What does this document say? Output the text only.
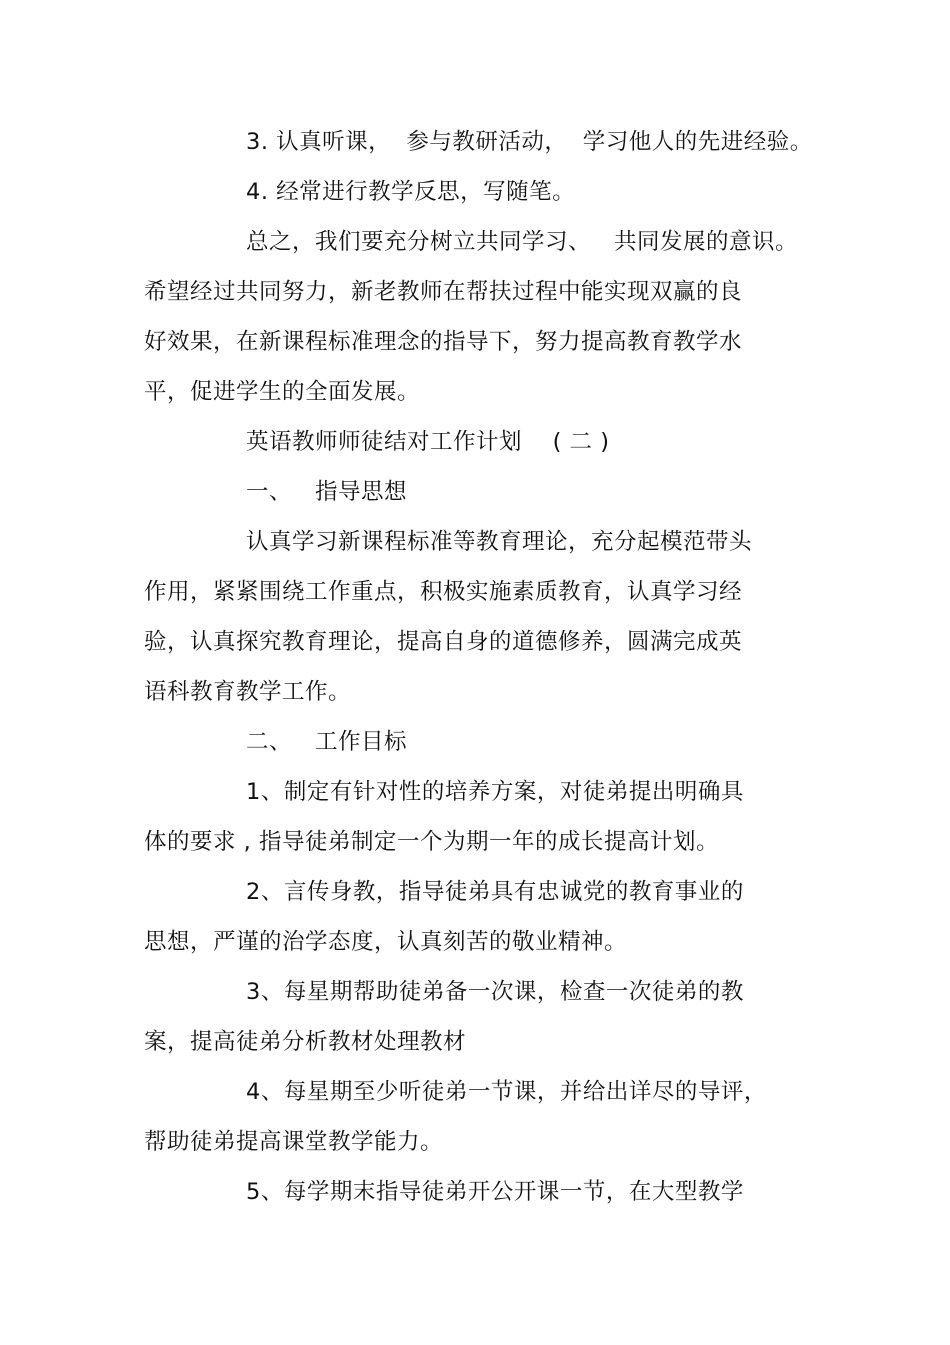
3. 认真听课，  参与教研活动，  学习他人的先进经验。
4. 经常进行教学反思，写随笔。
总之，我们要充分树立共同学习、   共同发展的意识。
希望经过共同努力，新老教师在帮扶过程中能实现双赢的良
好效果，在新课程标准理念的指导下，努力提高教育教学水
平，促进学生的全面发展。
英语教师师徒结对工作计划    ( 二 )
一、   指导思想
认真学习新课程标准等教育理论，充分起模范带头
作用，紧紧围绕工作重点，积极实施素质教育，认真学习经
验，认真探究教育理论，提高自身的道德修养，圆满完成英
语科教育教学工作。
二、   工作目标
1、制定有针对性的培养方案，对徒弟提出明确具
体的要求 , 指导徒弟制定一个为期一年的成长提高计划。
2、言传身教，指导徒弟具有忠诚党的教育事业的
思想，严谨的治学态度，认真刻苦的敬业精神。
3、每星期帮助徒弟备一次课，检查一次徒弟的教
案，提高徒弟分析教材处理教材
4、每星期至少听徒弟一节课，并给出详尽的导评，
帮助徒弟提高课堂教学能力。
5、每学期末指导徒弟开公开课一节，在大型教学
